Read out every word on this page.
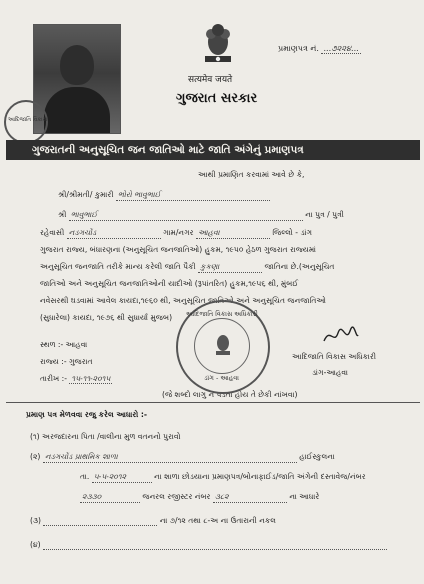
सत्यमेव जयते
ગુજરાત સરકાર
પ્રમાણપત્ર નં. ...૭૨૨૪...
આદિજાતિ વિકાસ
ગુજરાતની અનુસૂચિત જન જાતિઓ માટે જાતિ અંગેનું પ્રમાણપત્ર
આથી પ્રમાણિત કરવામાં આવે છે કે,
શ્રી/શ્રીમતી/ કુમારી ભોરો ભાવુભાઈ
શ્રી ભાવુભાઈ	ના પુત્ર / પુત્રી
રહેવાસી નડગચોંડ	ગામ/નગર આહવા	જિલ્લો - ડાંગ
ગુજરાત રાજ્ય, બંધારણના (અનુસૂચિત જનજાતિઓ) હુકમ, ૧૯૫૦ હેઠળ ગુજરાત રાજ્યમાં
અનુસૂચિત જનજાતિ તરીકે માન્ય કરેલી જાતિ પૈકી કુકણા	જાતિના છે.(અનુસૂચિત
જાતિઓ અને અનુસૂચિત જનજાતિઓની યાદીઓ (રૂપાંતરિત) હુકમ,૧૯૫૬ થી, મુંબઈ
નવેસરથી ઘડવામાં આવેલ કાયદા,૧૯૬૦ થી, અનુસૂચિત જાતિઓ અને અનુસૂચિત જનજાતિઓ
(સુધારેલા) કાયદા, ૧૯૭૬ થી સુધાર્યા મુજબ)
સ્થળ :- આહવા
રાજ્ય :- ગુજરાત
તારીખ :- ૧૫-૧૧-૨૦૧૫
(જે શબ્દો લાગુ ન પડતા હોય તે છેકી નાંખવા)
આદિજાતિ વિકાસ અધિકારી
ડાંગ - આહવા
આદિજાતિ વિકાસ અધિકારી
ડાંગ-આહવા
પ્રમાણ પત્ર મેળવવા રજુ કરેલ આધારો :-
(૧) અરજદારના પિતા /વાલીના મુળ વતનનો પુરાવો
(૨) નડગચોંડ પ્રાથમિક શાળા	હાઈસ્કુલના
તા. ૫-૫-૨૦૧૨	ના શાળા છોડયાના પ્રમાણપત્ર/બોનાફાઈડ/જાતિ અંગેની દસ્તાવેજ/નંબર
૨૩૩૦	જનરલ રજીસ્ટર નંબર ૩૮૨	ના આધારે
(૩)	ના ૭/૧૨ તથા ૮-અ ના ઉતારાની નકલ
(૪)
